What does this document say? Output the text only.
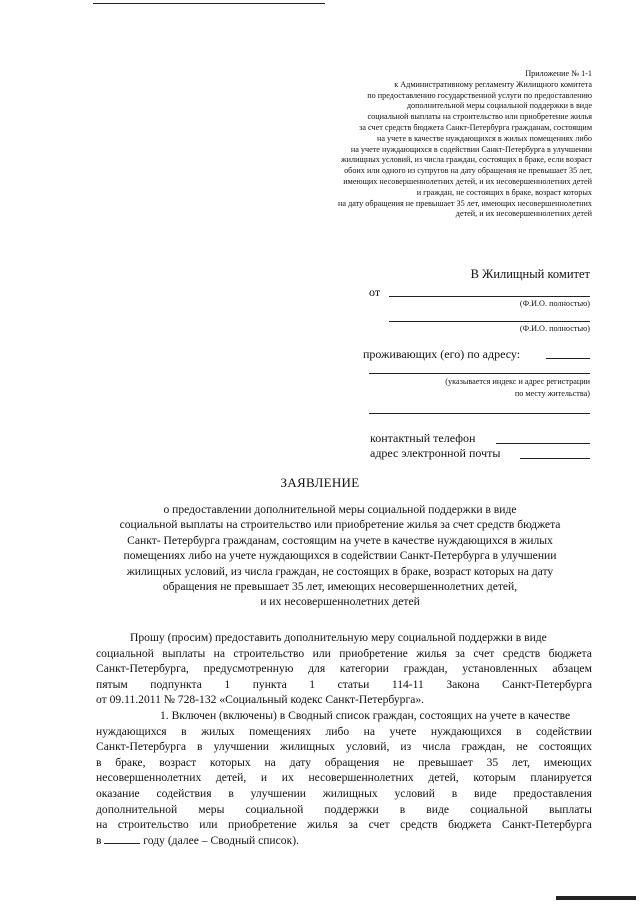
Приложение № 1-1
к Административному регламенту Жилищного комитета
по предоставлению государственной услуги по предоставлению
дополнительной меры социальной поддержки в виде
социальной выплаты на строительство или приобретение жилья
за счет средств бюджета Санкт-Петербурга гражданам, состоящим
на учете в качестве нуждающихся в жилых помещениях либо
на учете нуждающихся в содействии Санкт-Петербурга в улучшении
жилищных условий, из числа граждан, состоящих в браке, если возраст
обоих или одного из супругов на дату обращения не превышает 35 лет,
имеющих несовершеннолетних детей, и их несовершеннолетних детей
и граждан, не состоящих в браке, возраст которых
на дату обращения не превышает 35 лет, имеющих несовершеннолетних
детей, и их несовершеннолетних детей
В Жилищный комитет
от
(Ф.И.О. полностью)
(Ф.И.О. полностью)
проживающих (его) по адресу:
(указывается индекс и адрес регистрации
по месту жительства)
контактный телефон
адрес электронной почты
ЗАЯВЛЕНИЕ
о предоставлении дополнительной меры социальной поддержки в виде
социальной выплаты на строительство или приобретение жилья за счет средств бюджета
Санкт- Петербурга гражданам, состоящим на учете в качестве нуждающихся в жилых
помещениях либо на учете нуждающихся в содействии Санкт-Петербурга в улучшении
жилищных условий, из числа граждан, не состоящих в браке, возраст которых на дату
обращения не превышает 35 лет, имеющих несовершеннолетних детей,
и их несовершеннолетних детей
Прошу (просим) предоставить дополнительную меру социальной поддержки в виде
социальной выплаты на строительство или приобретение жилья за счет средств бюджета
Санкт-Петербурга, предусмотренную для категории граждан, установленных абзацем
пятым подпункта 1 пункта 1 статьи 114-11 Закона Санкт-Петербурга
от 09.11.2011 № 728-132 «Социальный кодекс Санкт-Петербурга».
1. Включен (включены) в Сводный список граждан, состоящих на учете в качестве
нуждающихся в жилых помещениях либо на учете нуждающихся в содействии
Санкт-Петербурга в улучшении жилищных условий, из числа граждан, не состоящих
в браке, возраст которых на дату обращения не превышает 35 лет, имеющих
несовершеннолетних детей, и их несовершеннолетних детей, которым планируется
оказание содействия в улучшении жилищных условий в виде предоставления
дополнительной меры социальной поддержки в виде социальной выплаты
на строительство или приобретение жилья за счет средств бюджета Санкт-Петербурга
в	году (далее – Сводный список).
